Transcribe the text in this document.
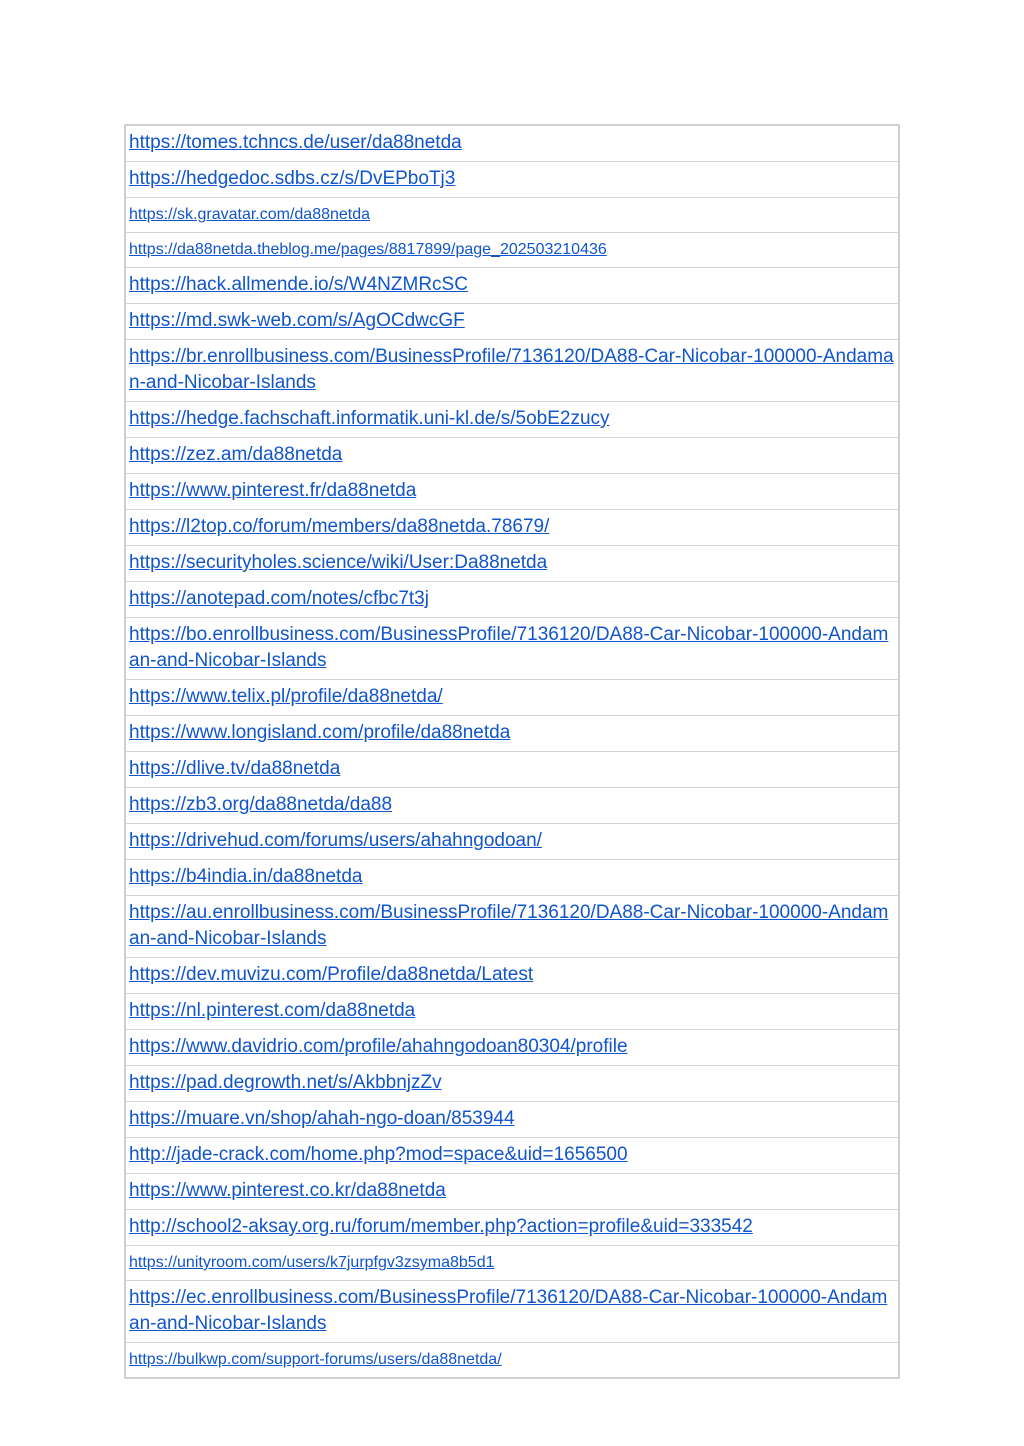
https://tomes.tchncs.de/user/da88netda
https://hedgedoc.sdbs.cz/s/DvEPboTj3
https://sk.gravatar.com/da88netda
https://da88netda.theblog.me/pages/8817899/page_202503210436
https://hack.allmende.io/s/W4NZMRcSC
https://md.swk-web.com/s/AgOCdwcGF
https://br.enrollbusiness.com/BusinessProfile/7136120/DA88-Car-Nicobar-100000-Andaman-and-Nicobar-Islands
https://hedge.fachschaft.informatik.uni-kl.de/s/5obE2zucy
https://zez.am/da88netda
https://www.pinterest.fr/da88netda
https://l2top.co/forum/members/da88netda.78679/
https://securityholes.science/wiki/User:Da88netda
https://anotepad.com/notes/cfbc7t3j
https://bo.enrollbusiness.com/BusinessProfile/7136120/DA88-Car-Nicobar-100000-Andaman-and-Nicobar-Islands
https://www.telix.pl/profile/da88netda/
https://www.longisland.com/profile/da88netda
https://dlive.tv/da88netda
https://zb3.org/da88netda/da88
https://drivehud.com/forums/users/ahahngodoan/
https://b4india.in/da88netda
https://au.enrollbusiness.com/BusinessProfile/7136120/DA88-Car-Nicobar-100000-Andaman-and-Nicobar-Islands
https://dev.muvizu.com/Profile/da88netda/Latest
https://nl.pinterest.com/da88netda
https://www.davidrio.com/profile/ahahngodoan80304/profile
https://pad.degrowth.net/s/AkbbnjzZv
https://muare.vn/shop/ahah-ngo-doan/853944
http://jade-crack.com/home.php?mod=space&uid=1656500
https://www.pinterest.co.kr/da88netda
http://school2-aksay.org.ru/forum/member.php?action=profile&uid=333542
https://unityroom.com/users/k7jurpfgv3zsyma8b5d1
https://ec.enrollbusiness.com/BusinessProfile/7136120/DA88-Car-Nicobar-100000-Andaman-and-Nicobar-Islands
https://bulkwp.com/support-forums/users/da88netda/
